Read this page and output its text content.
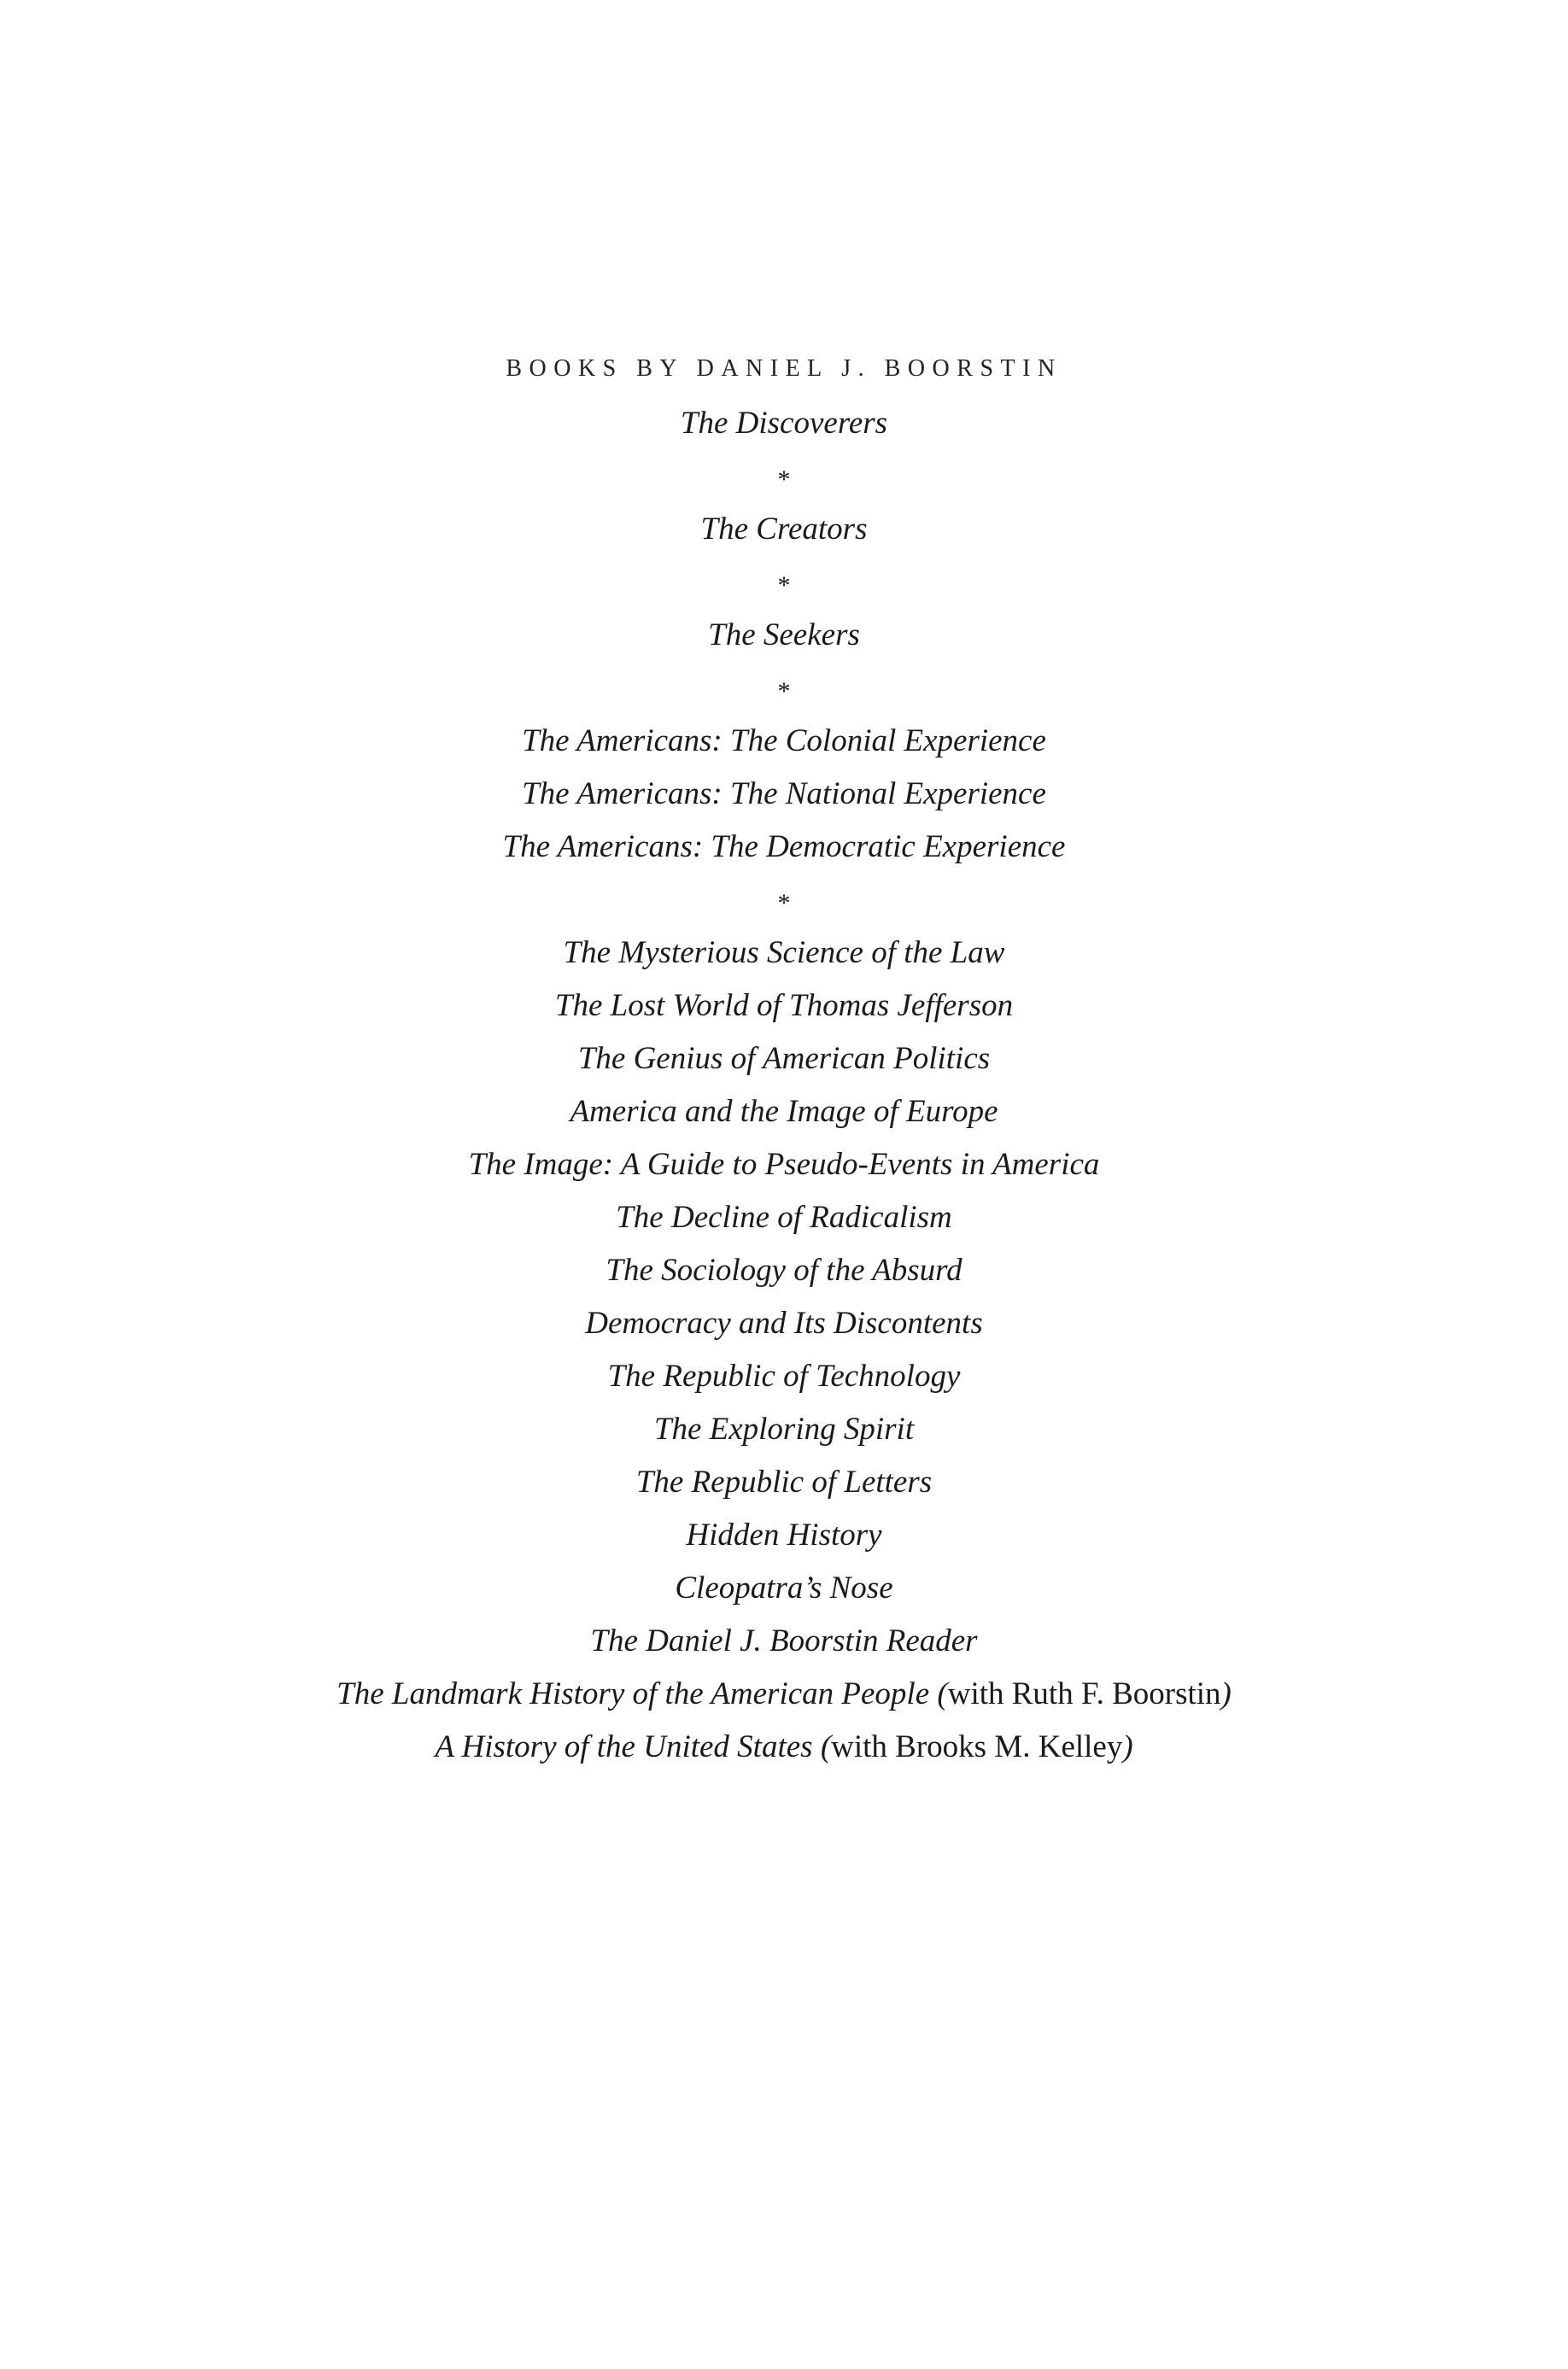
BOOKS BY DANIEL J. BOORSTIN
The Discoverers
*
The Creators
*
The Seekers
*
The Americans: The Colonial Experience
The Americans: The National Experience
The Americans: The Democratic Experience
*
The Mysterious Science of the Law
The Lost World of Thomas Jefferson
The Genius of American Politics
America and the Image of Europe
The Image: A Guide to Pseudo-Events in America
The Decline of Radicalism
The Sociology of the Absurd
Democracy and Its Discontents
The Republic of Technology
The Exploring Spirit
The Republic of Letters
Hidden History
Cleopatra’s Nose
The Daniel J. Boorstin Reader
The Landmark History of the American People (with Ruth F. Boorstin)
A History of the United States (with Brooks M. Kelley)
